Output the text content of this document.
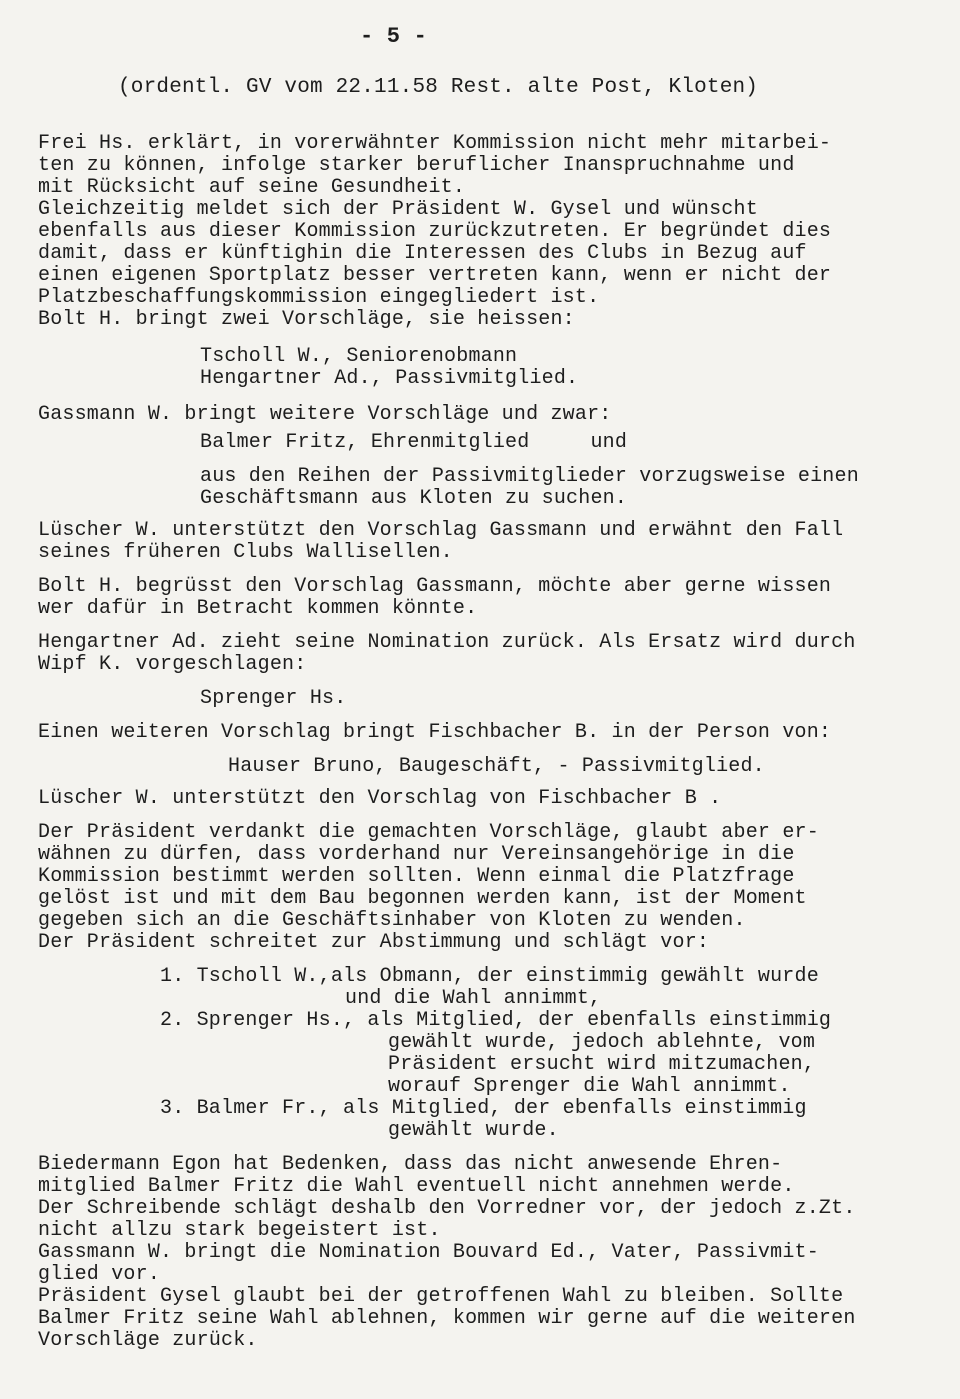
- 5 -
(ordentl. GV vom 22.11.58 Rest. alte Post, Kloten)
Frei Hs. erklärt, in vorerwähnter Kommission nicht mehr mitarbei-
ten zu können, infolge starker beruflicher Inanspruchnahme und
mit Rücksicht auf seine Gesundheit.
Gleichzeitig meldet sich der Präsident W. Gysel und wünscht
ebenfalls aus dieser Kommission zurückzutreten. Er begründet dies
damit, dass er künftighin die Interessen des Clubs in Bezug auf
einen eigenen Sportplatz besser vertreten kann, wenn er nicht der
Platzbeschaffungskommission eingegliedert ist.
Bolt H. bringt zwei Vorschläge, sie heissen:
Tscholl W., Seniorenobmann
Hengartner Ad., Passivmitglied.
Gassmann W. bringt weitere Vorschläge und zwar:
Balmer Fritz, Ehrenmitglied     und
aus den Reihen der Passivmitglieder vorzugsweise einen
Geschäftsmann aus Kloten zu suchen.
Lüscher W. unterstützt den Vorschlag Gassmann und erwähnt den Fall
seines früheren Clubs Wallisellen.
Bolt H. begrüsst den Vorschlag Gassmann, möchte aber gerne wissen
wer dafür in Betracht kommen könnte.
Hengartner Ad. zieht seine Nomination zurück. Als Ersatz wird durch
Wipf K. vorgeschlagen:
Sprenger Hs.
Einen weiteren Vorschlag bringt Fischbacher B. in der Person von:
Hauser Bruno, Baugeschäft, - Passivmitglied.
Lüscher W. unterstützt den Vorschlag von Fischbacher B .
Der Präsident verdankt die gemachten Vorschläge, glaubt aber er-
wähnen zu dürfen, dass vorderhand nur Vereinsangehörige in die
Kommission bestimmt werden sollten. Wenn einmal die Platzfrage
gelöst ist und mit dem Bau begonnen werden kann, ist der Moment
gegeben sich an die Geschäftsinhaber von Kloten zu wenden.
Der Präsident schreitet zur Abstimmung und schlägt vor:
1. Tscholl W.,als Obmann, der einstimmig gewählt wurde
und die Wahl annimmt,
2. Sprenger Hs., als Mitglied, der ebenfalls einstimmig
gewählt wurde, jedoch ablehnte, vom
Präsident ersucht wird mitzumachen,
worauf Sprenger die Wahl annimmt.
3. Balmer Fr., als Mitglied, der ebenfalls einstimmig
gewählt wurde.
Biedermann Egon hat Bedenken, dass das nicht anwesende Ehren-
mitglied Balmer Fritz die Wahl eventuell nicht annehmen werde.
Der Schreibende schlägt deshalb den Vorredner vor, der jedoch z.Zt.
nicht allzu stark begeistert ist.
Gassmann W. bringt die Nomination Bouvard Ed., Vater, Passivmit-
glied vor.
Präsident Gysel glaubt bei der getroffenen Wahl zu bleiben. Sollte
Balmer Fritz seine Wahl ablehnen, kommen wir gerne auf die weiteren
Vorschläge zurück.
